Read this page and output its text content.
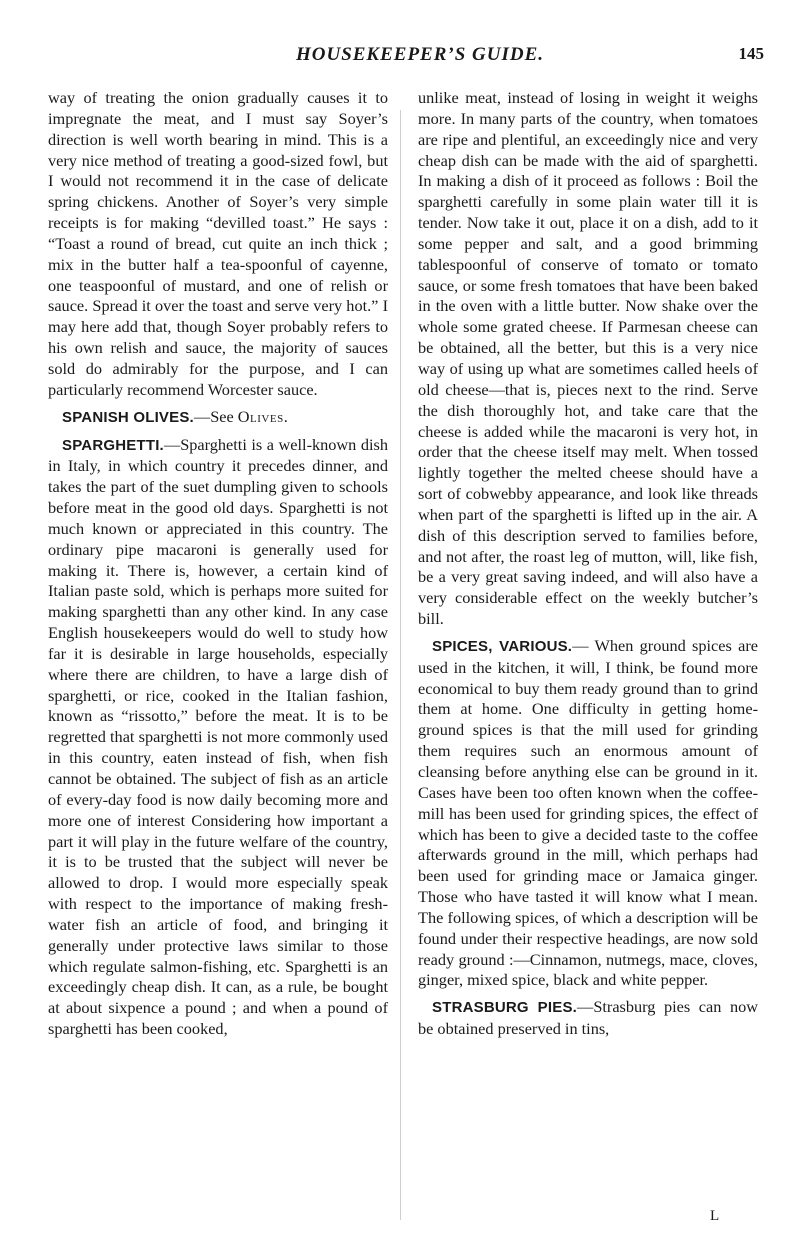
HOUSEKEEPER’S GUIDE.	145

way of treating the onion gradually causes it to impregnate the meat, and I must say Soyer’s direction is well worth bearing in mind. This is a very nice method of treating a good-sized fowl, but I would not recommend it in the case of delicate spring chickens. Another of Soyer’s very simple receipts is for making “devilled toast.” He says : “Toast a round of bread, cut quite an inch thick ; mix in the butter half a tea-spoonful of cayenne, one teaspoonful of mustard, and one of relish or sauce. Spread it over the toast and serve very hot.” I may here add that, though Soyer probably refers to his own relish and sauce, the majority of sauces sold do admirably for the purpose, and I can particularly recommend Worcester sauce.

SPANISH OLIVES.—See Olives.

SPARGHETTI.—Sparghetti is a well-known dish in Italy, in which country it precedes dinner, and takes the part of the suet dumpling given to schools before meat in the good old days. Sparghetti is not much known or appreciated in this country. The ordinary pipe macaroni is generally used for making it. There is, however, a certain kind of Italian paste sold, which is perhaps more suited for making sparghetti than any other kind. In any case English housekeepers would do well to study how far it is desirable in large households, especially where there are children, to have a large dish of sparghetti, or rice, cooked in the Italian fashion, known as “rissotto,” before the meat. It is to be regretted that sparghetti is not more commonly used in this country, eaten instead of fish, when fish cannot be obtained. The subject of fish as an article of every-day food is now daily becoming more and more one of interest Considering how important a part it will play in the future welfare of the country, it is to be trusted that the subject will never be allowed to drop. I would more especially speak with respect to the importance of making fresh-water fish an article of food, and bringing it generally under protective laws similar to those which regulate salmon-fishing, etc. Sparghetti is an exceedingly cheap dish. It can, as a rule, be bought at about sixpence a pound ; and when a pound of sparghetti has been cooked,

unlike meat, instead of losing in weight it weighs more. In many parts of the country, when tomatoes are ripe and plentiful, an exceedingly nice and very cheap dish can be made with the aid of sparghetti. In making a dish of it proceed as follows : Boil the sparghetti carefully in some plain water till it is tender. Now take it out, place it on a dish, add to it some pepper and salt, and a good brimming tablespoonful of conserve of tomato or tomato sauce, or some fresh tomatoes that have been baked in the oven with a little butter. Now shake over the whole some grated cheese. If Parmesan cheese can be obtained, all the better, but this is a very nice way of using up what are sometimes called heels of old cheese—that is, pieces next to the rind. Serve the dish thoroughly hot, and take care that the cheese is added while the macaroni is very hot, in order that the cheese itself may melt. When tossed lightly together the melted cheese should have a sort of cobwebby appearance, and look like threads when part of the sparghetti is lifted up in the air. A dish of this description served to families before, and not after, the roast leg of mutton, will, like fish, be a very great saving indeed, and will also have a very considerable effect on the weekly butcher’s bill.

SPICES, VARIOUS.— When ground spices are used in the kitchen, it will, I think, be found more economical to buy them ready ground than to grind them at home. One difficulty in getting home-ground spices is that the mill used for grinding them requires such an enormous amount of cleansing before anything else can be ground in it. Cases have been too often known when the coffee-mill has been used for grinding spices, the effect of which has been to give a decided taste to the coffee afterwards ground in the mill, which perhaps had been used for grinding mace or Jamaica ginger. Those who have tasted it will know what I mean. The following spices, of which a description will be found under their respective headings, are now sold ready ground :—Cinnamon, nutmegs, mace, cloves, ginger, mixed spice, black and white pepper.

STRASBURG PIES.—Strasburg pies can now be obtained preserved in tins,

L
